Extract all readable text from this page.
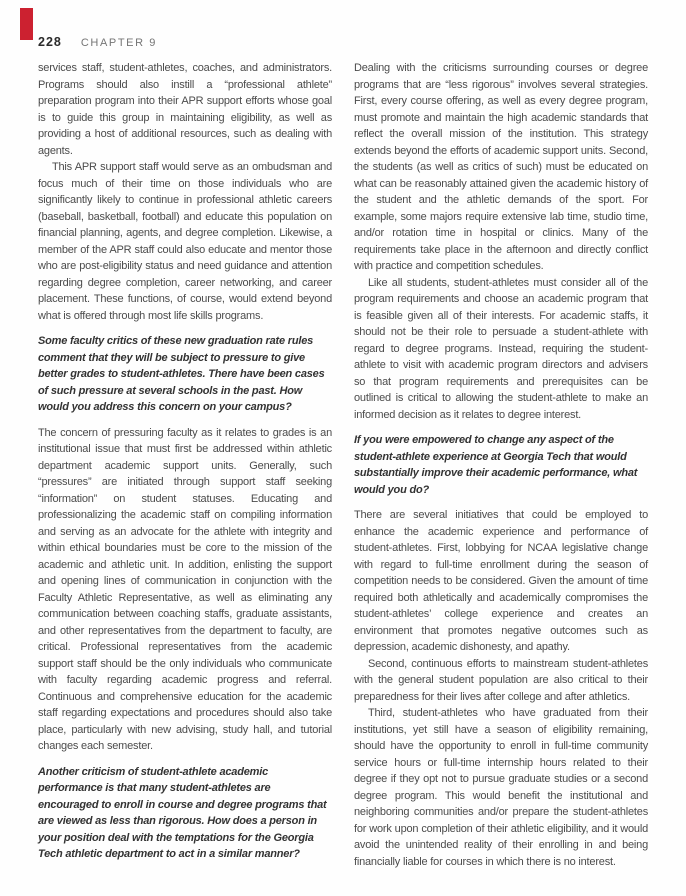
228 CHAPTER 9

services staff, student-athletes, coaches, and administrators. Programs should also instill a “professional athlete” preparation program into their APR support efforts whose goal is to guide this group in maintaining eligibility, as well as providing a host of additional resources, such as dealing with agents.

This APR support staff would serve as an ombudsman and focus much of their time on those individuals who are significantly likely to continue in professional athletic careers (baseball, basketball, football) and educate this population on financial planning, agents, and degree completion. Likewise, a member of the APR staff could also educate and mentor those who are post-eligibility status and need guidance and attention regarding degree completion, career networking, and career placement. These functions, of course, would extend beyond what is offered through most life skills programs.

Some faculty critics of these new graduation rate rules comment that they will be subject to pressure to give better grades to student-athletes. There have been cases of such pressure at several schools in the past. How would you address this concern on your campus?

The concern of pressuring faculty as it relates to grades is an institutional issue that must first be addressed within athletic department academic support units. Generally, such “pressures” are initiated through support staff seeking “information” on student statuses. Educating and professionalizing the academic staff on compiling information and serving as an advocate for the athlete with integrity and within ethical boundaries must be core to the mission of the academic and athletic unit. In addition, enlisting the support and opening lines of communication in conjunction with the Faculty Athletic Representative, as well as eliminating any communication between coaching staffs, graduate assistants, and other representatives from the department to faculty, are critical. Professional representatives from the academic support staff should be the only individuals who communicate with faculty regarding academic progress and referral. Continuous and comprehensive education for the academic staff regarding expectations and procedures should also take place, particularly with new advising, study hall, and tutorial changes each semester.

Another criticism of student-athlete academic performance is that many student-athletes are encouraged to enroll in course and degree programs that are viewed as less than rigorous. How does a person in your position deal with the temptations for the Georgia Tech athletic department to act in a similar manner?

Dealing with the criticisms surrounding courses or degree programs that are “less rigorous” involves several strategies. First, every course offering, as well as every degree program, must promote and maintain the high academic standards that reflect the overall mission of the institution. This strategy extends beyond the efforts of academic support units. Second, the students (as well as critics of such) must be educated on what can be reasonably attained given the academic history of the student and the athletic demands of the sport. For example, some majors require extensive lab time, studio time, and/or rotation time in hospital or clinics. Many of the requirements take place in the afternoon and directly conflict with practice and competition schedules.

Like all students, student-athletes must consider all of the program requirements and choose an academic program that is feasible given all of their interests. For academic staffs, it should not be their role to persuade a student-athlete with regard to degree programs. Instead, requiring the student-athlete to visit with academic program directors and advisers so that program requirements and prerequisites can be outlined is critical to allowing the student-athlete to make an informed decision as it relates to degree interest.

If you were empowered to change any aspect of the student-athlete experience at Georgia Tech that would substantially improve their academic performance, what would you do?

There are several initiatives that could be employed to enhance the academic experience and performance of student-athletes. First, lobbying for NCAA legislative change with regard to full-time enrollment during the season of competition needs to be considered. Given the amount of time required both athletically and academically compromises the student-athletes’ college experience and creates an environment that promotes negative outcomes such as depression, academic dishonesty, and apathy.

Second, continuous efforts to mainstream student-athletes with the general student population are also critical to their preparedness for their lives after college and after athletics.

Third, student-athletes who have graduated from their institutions, yet still have a season of eligibility remaining, should have the opportunity to enroll in full-time community service hours or full-time internship hours related to their degree if they opt not to pursue graduate studies or a second degree program. This would benefit the institutional and neighboring communities and/or prepare the student-athletes for work upon completion of their athletic eligibility, and it would avoid the unintended reality of their enrolling in and being financially liable for courses in which there is no interest.
